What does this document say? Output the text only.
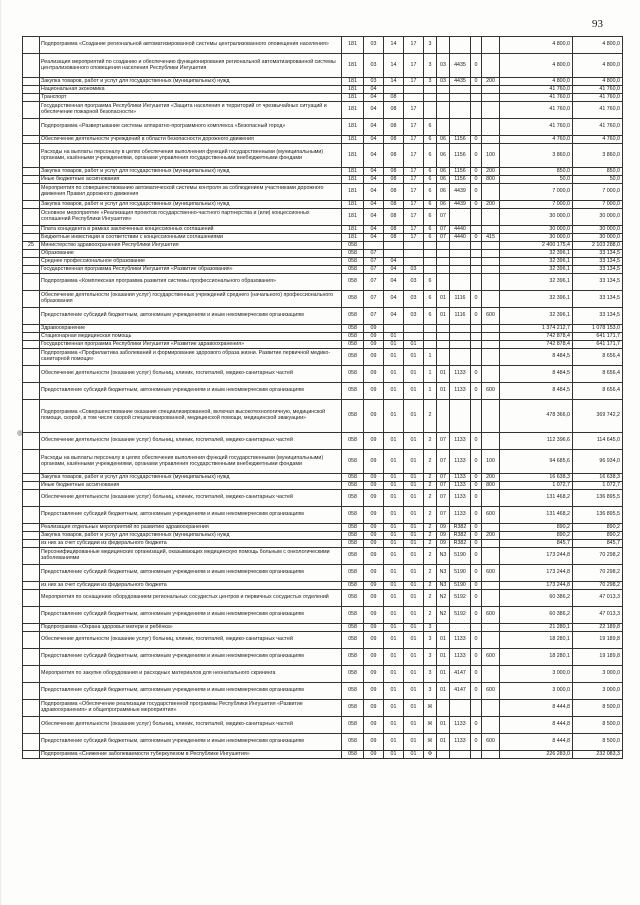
93
	Подпрограмма «Создание региональной автоматизированной системы централизованного оповещения населения»	181	03	14	17	3					4 800,0	4 800,0
	Реализация мероприятий по созданию и обеспечению функционирования региональной автоматизированной системы централизованного оповещения населения Республики Ингушетия	181	03	14	17	3	03	4435	0		4 800,0	4 800,0
	Закупка товаров, работ и услуг для государственных (муниципальных) нужд	181	03	14	17	3	03	4435	0	200	4 800,0	4 800,0
	Национальная экономика	181	04								41 760,0	41 760,0
	Транспорт	181	04	08							41 760,0	41 760,0
	Государственная программа Республики Ингушетия «Защита населения и территорий от чрезвычайных ситуаций и обеспечение пожарной безопасности»	181	04	08	17						41 760,0	41 760,0
	Подпрограмма «Развертывание системы аппаратно-программного комплекса «Безопасный город»	181	04	08	17	6					41 760,0	41 760,0
	Обеспечение деятельности учреждений в области безопасности дорожного движения	181	04	08	17	6	06	1156	0		4 760,0	4 760,0
	Расходы на выплаты персоналу в целях обеспечения выполнения функций государственными (муниципальными) органами, казёнными учреждениями, органами управления государственными внебюджетными фондами	181	04	08	17	6	06	1156	0	100	3 860,0	3 860,0
	Закупка товаров, работ и услуг для государственных (муниципальных) нужд	181	04	08	17	6	06	1156	0	200	850,0	850,0
	Иные бюджетные ассигнования	181	04	08	17	6	06	1156	0	800	50,0	50,0
	Мероприятия по совершенствованию автоматической системы контроля за соблюдением участниками дорожного движения Правил дорожного движения	181	04	08	17	6	06	4439	0		7 000,0	7 000,0
	Закупка товаров, работ и услуг для государственных (муниципальных) нужд	181	04	08	17	6	06	4439	0	200	7 000,0	7 000,0
	Основное мероприятие «Реализация проектов государственно-частного партнерства и (или) концессионных соглашений Республики Ингушетия»	181	04	08	17	6	07				30 000,0	30 000,0
	Плата концедента в рамках заключенных концессионных соглашений	181	04	08	17	6	07	4440			30 000,0	30 000,0
	Бюджетные инвестиции в соответствии с концессионными соглашениями	181	04	08	17	6	07	4440	0	415	30 000,0	30 000,0
25	Министерство здравоохранения Республики Ингушетия	058									2 400 175,4	2 103 288,0
	Образование	058	07								32 396,1	33 134,5
	Среднее профессиональное образование	058	07	04							32 396,1	33 134,5
	Государственная программа Республики Ингушетия «Развитие образования»	058	07	04	03						32 396,1	33 134,5
	Подпрограмма «Комплексная программа развития системы профессионального образования»	058	07	04	03	6					32 396,1	33 134,5
	Обеспечение деятельности (оказания услуг) государственных учреждений среднего (начального) профессионального образования	058	07	04	03	6	01	1116	0		32 396,1	33 134,5
	Предоставление субсидий бюджетным, автономным учреждениям и иным некоммерческим организациям	058	07	04	03	6	01	1116	0	600	32 396,1	33 134,5
	Здравоохранение	058	09								1 374 212,7	1 078 153,0
	Стационарная медицинская помощь	058	09	01							742 878,4	641 171,7
	Государственная программа Республики Ингушетия «Развитие здравоохранения»	058	09	01	01						742 878,4	641 171,7
	Подпрограмма «Профилактика заболеваний и формирование здорового образа жизни. Развитие первичной медико-санитарной помощи»	058	09	01	01	1					8 484,5	8 656,4
	Обеспечение деятельности (оказание услуг) больниц, клиник, госпиталей, медико-санитарных частей	058	09	01	01	1	01	1133	0		8 484,5	8 656,4
	Предоставление субсидий бюджетным, автономным учреждениям и иным некоммерческим организациям	058	09	01	01	1	01	1133	0	600	8 484,5	8 656,4
	Подпрограмма «Совершенствование оказания специализированной, включая высокотехнологичную, медицинской помощи, скорой, в том числе скорой специализированной, медицинской помощи, медицинской эвакуации»	058	09	01	01	2					478 366,0	369 742,2
	Обеспечение деятельности (оказание услуг) больниц, клиник, госпиталей, медико-санитарных частей	058	09	01	01	2	07	1133	0		112 396,6	114 645,0
	Расходы на выплаты персоналу в целях обеспечения выполнения функций государственными (муниципальными) органами, казёнными учреждениями, органами управления государственными внебюджетными фондами	058	09	01	01	2	07	1133	0	100	94 685,6	96 934,0
	Закупка товаров, работ и услуг для государственных (муниципальных) нужд	058	09	01	01	2	07	1133	0	200	16 638,3	16 638,3
	Иные бюджетные ассигнования	058	09	01	01	2	07	1133	0	800	1 072,7	1 072,7
	Обеспечение деятельности (оказание услуг) больниц, клиник, госпиталей, медико-санитарных частей	058	09	01	01	2	07	1133	0		131 468,2	136 895,5
	Предоставление субсидий бюджетным, автономным учреждениям и иным некоммерческим организациям	058	09	01	01	2	07	1133	0	600	131 468,2	136 895,5
	Реализация отдельных мероприятий по развитию здравоохранения	058	09	01	01	2	09	R382	0		890,2	890,2
	Закупка товаров, работ и услуг для государственных (муниципальных) нужд	058	09	01	01	2	09	R382	0	200	890,2	890,2
	из них за счет субсидии из федерального бюджета	058	09	01	01	2	09	R382	0		845,7	845,7
	Персонифицированные медицинских организаций, оказывающих медицинскую помощь больным с онкологическими заболеваниями	058	09	01	01	2	N3	5190	0		173 244,8	70 298,2
	Предоставление субсидий бюджетным, автономным учреждениям и иным некоммерческим организациям	058	09	01	01	2	N3	5190	0	600	173 244,8	70 298,2
	из них за счет субсидии из федерального бюджета	058	09	01	01	2	N3	5190	0		173 244,8	70 298,2
	Мероприятия по оснащению оборудованием региональных сосудистых центров и первичных сосудистых отделений	058	09	01	01	2	N2	5192	0		60 386,2	47 013,3
	Предоставление субсидий бюджетным, автономным учреждениям и иным некоммерческим организациям	058	09	01	01	2	N2	5192	0	600	60 386,2	47 013,3
	Подпрограмма «Охрана здоровья матери и ребёнка»	058	09	01	01	3					21 280,1	22 189,8
	Обеспечение деятельности (оказание услуг) больниц, клиник, госпиталей, медико-санитарных частей	058	09	01	01	3	01	1133	0		18 280,1	19 189,8
	Предоставление субсидий бюджетным, автономным учреждениям и иным некоммерческим организациям	058	09	01	01	3	01	1133	0	600	18 280,1	19 189,8
	Мероприятия по закупке оборудования и расходных материалов для неонатального скрининга	058	09	01	01	3	01	4147	0		3 000,0	3 000,0
	Предоставление субсидий бюджетным, автономным учреждениям и иным некоммерческим организациям	058	09	01	01	3	01	4147	0	600	3 000,0	3 000,0
	Подпрограмма «Обеспечение реализации государственной программы Республики Ингушетия «Развитие здравоохранения» и общепрограммные мероприятия»	058	09	01	01	Ж					8 444,8	8 500,0
	Обеспечение деятельности (оказание услуг) больниц, клиник, госпиталей, медико-санитарных частей	058	09	01	01	Ж	01	1133	0		8 444,8	8 500,0
	Предоставление субсидий бюджетным, автономным учреждениям и иным некоммерческим организациям	058	09	01	01	Ж	01	1133	0	600	8 444,8	8 500,0
	Подпрограмма «Снижение заболеваемости туберкулезом в Республике Ингушетия»	058	09	01	01	Ф					226 283,0	232 083,3
